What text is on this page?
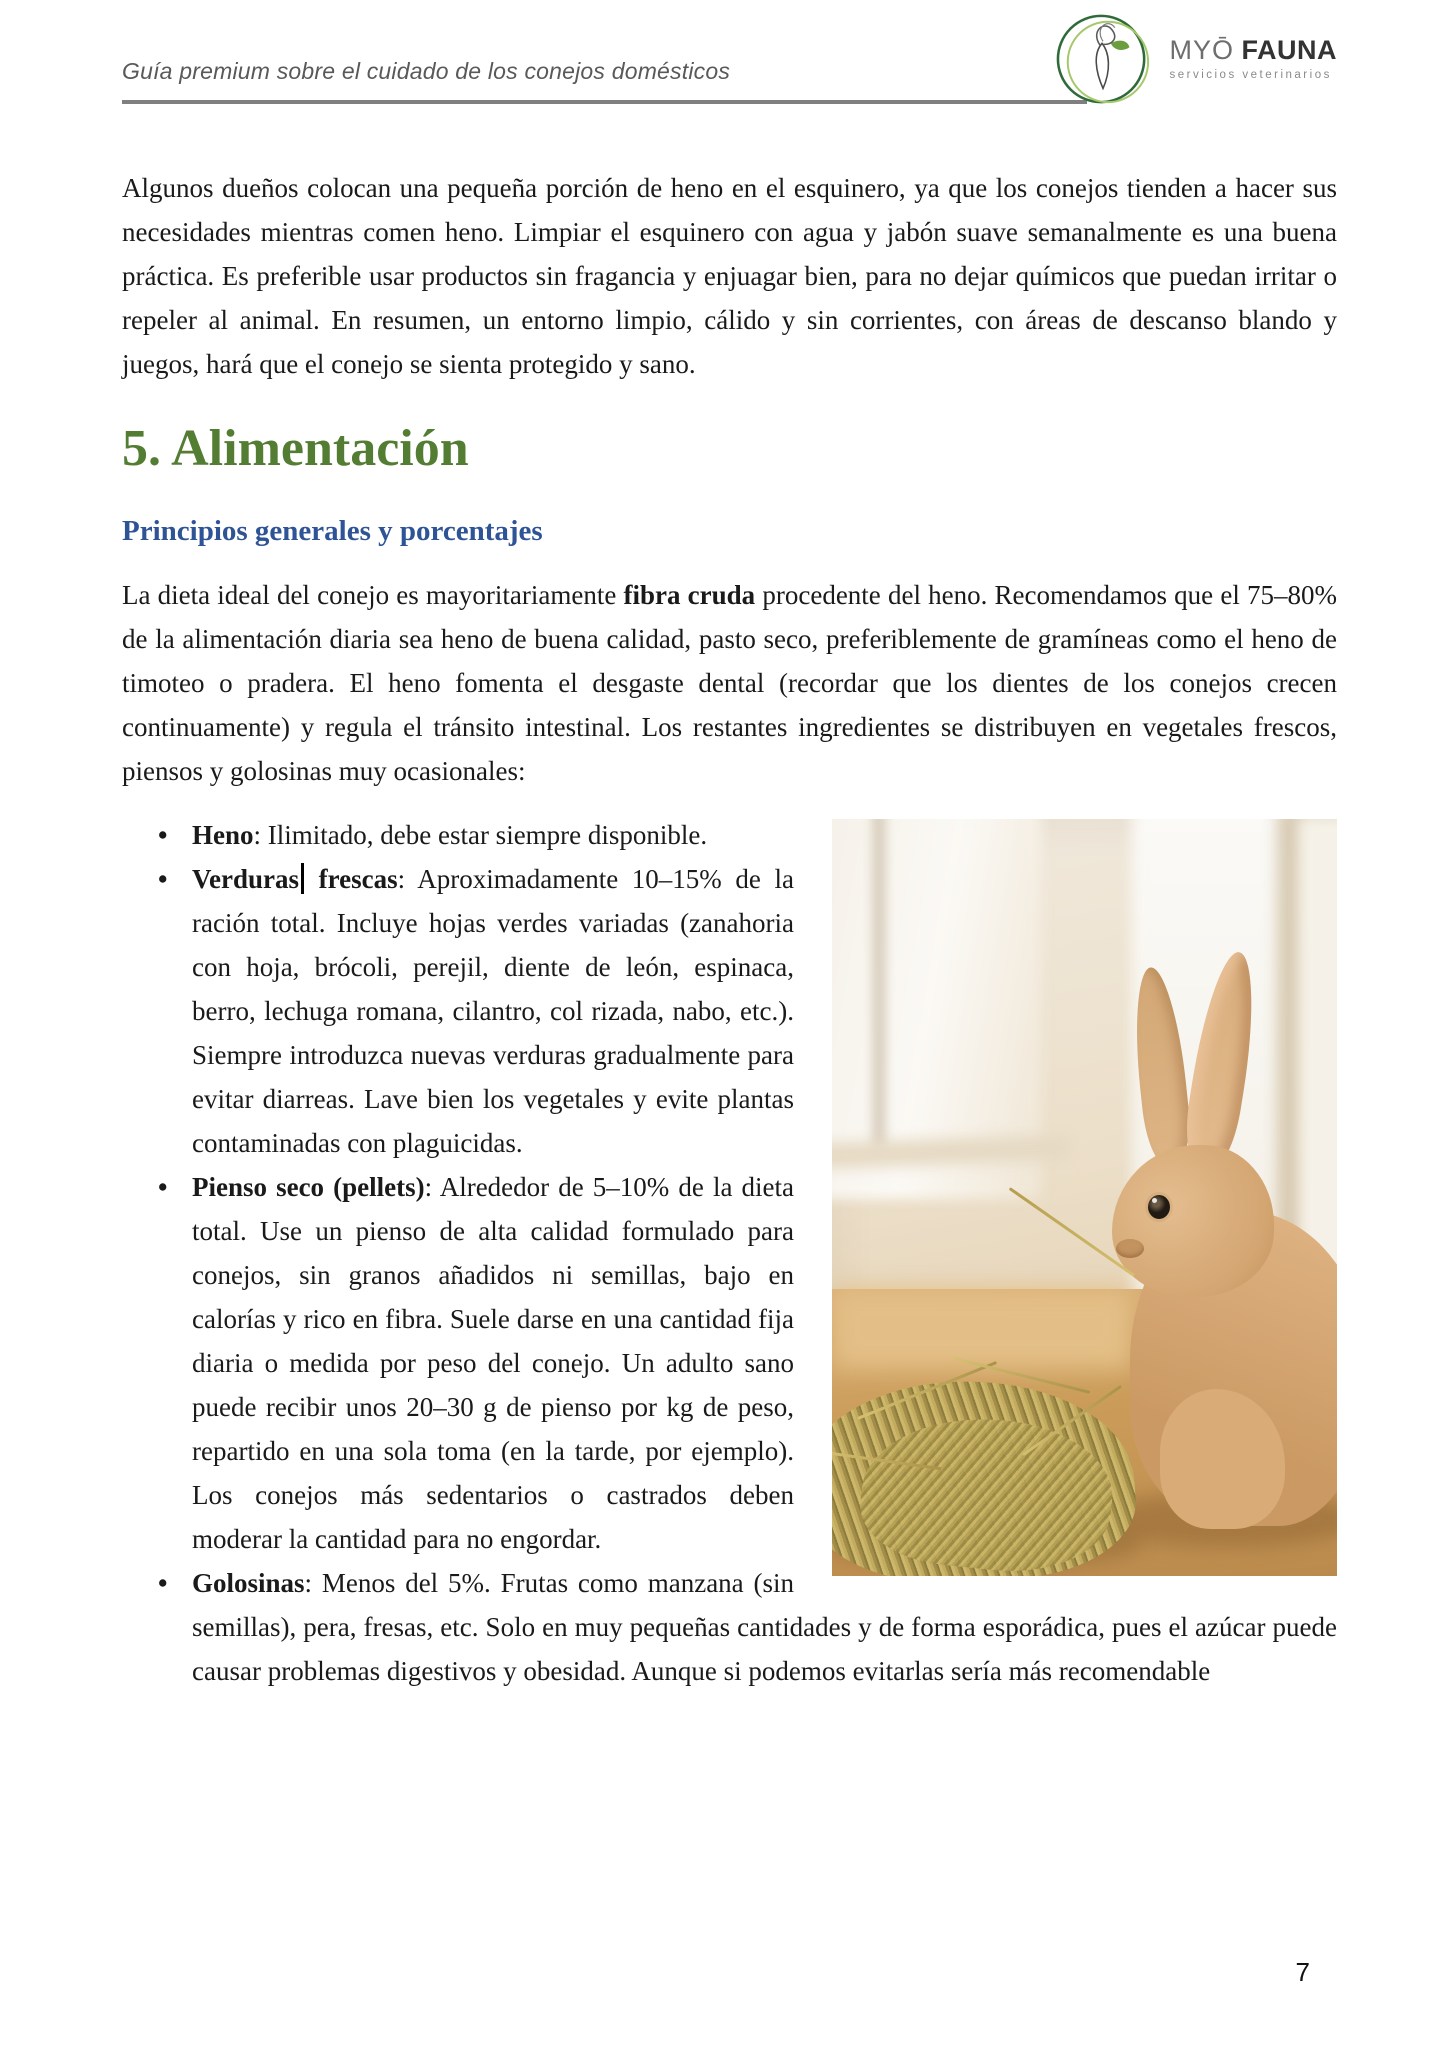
Guía premium sobre el cuidado de los conejos domésticos
MYŌ FAUNA
servicios veterinarios

Algunos dueños colocan una pequeña porción de heno en el esquinero, ya que los conejos tienden a hacer sus necesidades mientras comen heno. Limpiar el esquinero con agua y jabón suave semanalmente es una buena práctica. Es preferible usar productos sin fragancia y enjuagar bien, para no dejar químicos que puedan irritar o repeler al animal. En resumen, un entorno limpio, cálido y sin corrientes, con áreas de descanso blando y juegos, hará que el conejo se sienta protegido y sano.

5. Alimentación
Principios generales y porcentajes

La dieta ideal del conejo es mayoritariamente fibra cruda procedente del heno. Recomendamos que el 75–80% de la alimentación diaria sea heno de buena calidad, pasto seco, preferiblemente de gramíneas como el heno de timoteo o pradera. El heno fomenta el desgaste dental (recordar que los dientes de los conejos crecen continuamente) y regula el tránsito intestinal. Los restantes ingredientes se distribuyen en vegetales frescos, piensos y golosinas muy ocasionales:

•
Heno: Ilimitado, debe estar siempre disponible.
•
Verduras frescas: Aproximadamente 10–15% de la ración total. Incluye hojas verdes variadas (zanahoria con hoja, brócoli, perejil, diente de león, espinaca, berro, lechuga romana, cilantro, col rizada, nabo, etc.). Siempre introduzca nuevas verduras gradualmente para evitar diarreas. Lave bien los vegetales y evite plantas contaminadas con plaguicidas.
•
Pienso seco (pellets): Alrededor de 5–10% de la dieta total. Use un pienso de alta calidad formulado para conejos, sin granos añadidos ni semillas, bajo en calorías y rico en fibra. Suele darse en una cantidad fija diaria o medida por peso del conejo. Un adulto sano puede recibir unos 20–30 g de pienso por kg de peso, repartido en una sola toma (en la tarde, por ejemplo). Los conejos más sedentarios o castrados deben moderar la cantidad para no engordar.
•
Golosinas: Menos del 5%. Frutas como manzana (sin semillas), pera, fresas, etc. Solo en muy pequeñas cantidades y de forma esporádica, pues el azúcar puede causar problemas digestivos y obesidad. Aunque si podemos evitarlas sería más recomendable
7
